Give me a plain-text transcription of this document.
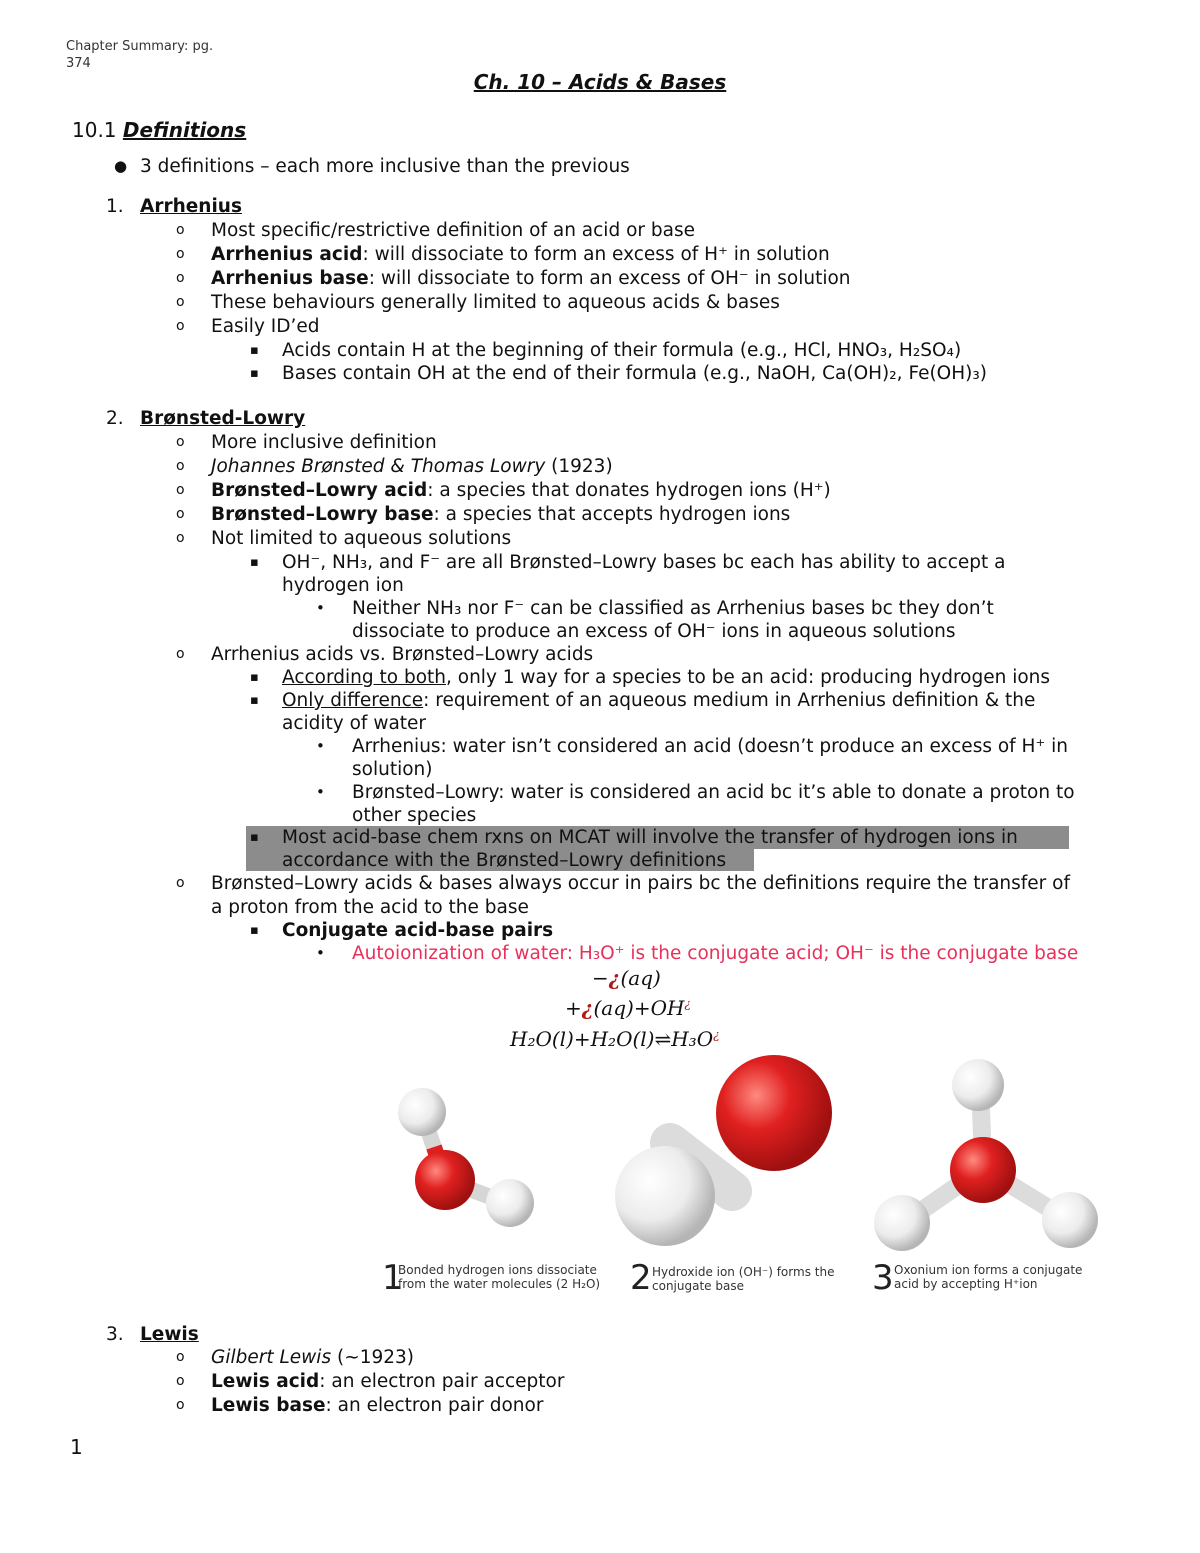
Chapter Summary: pg.
374
Ch. 10 – Acids & Bases
10.1 Definitions
● 3 definitions – each more inclusive than the previous
1. Arrhenius
o Most specific/restrictive definition of an acid or base
o Arrhenius acid: will dissociate to form an excess of H⁺ in solution
o Arrhenius base: will dissociate to form an excess of OH⁻ in solution
o These behaviours generally limited to aqueous acids & bases
o Easily ID’ed
▪ Acids contain H at the beginning of their formula (e.g., HCl, HNO₃, H₂SO₄)
▪ Bases contain OH at the end of their formula (e.g., NaOH, Ca(OH)₂, Fe(OH)₃)
2. Brønsted-Lowry
o More inclusive definition
o Johannes Brønsted & Thomas Lowry (1923)
o Brønsted–Lowry acid: a species that donates hydrogen ions (H⁺)
o Brønsted–Lowry base: a species that accepts hydrogen ions
o Not limited to aqueous solutions
▪ OH⁻, NH₃, and F⁻ are all Brønsted–Lowry bases bc each has ability to accept a
hydrogen ion
• Neither NH₃ nor F⁻ can be classified as Arrhenius bases bc they don’t
dissociate to produce an excess of OH⁻ ions in aqueous solutions
o Arrhenius acids vs. Brønsted–Lowry acids
▪ According to both, only 1 way for a species to be an acid: producing hydrogen ions
▪ Only difference: requirement of an aqueous medium in Arrhenius definition & the
acidity of water
• Arrhenius: water isn’t considered an acid (doesn’t produce an excess of H⁺ in
solution)
• Brønsted–Lowry: water is considered an acid bc it’s able to donate a proton to
other species
▪ Most acid-base chem rxns on MCAT will involve the transfer of hydrogen ions in
accordance with the Brønsted–Lowry definitions
o Brønsted–Lowry acids & bases always occur in pairs bc the definitions require the transfer of
a proton from the acid to the base
▪ Conjugate acid-base pairs
• Autoionization of water: H₃O⁺ is the conjugate acid; OH⁻ is the conjugate base
−¿(aq)
+¿(aq)+OH¿
H₂O(l)+H₂O(l)⇌H₃O¿
1
Bonded hydrogen ions dissociate
from the water molecules (2 H₂O) 2 Hydroxide ion (OH⁻) forms the
conjugate base	3 Oxonium ion forms a conjugate
acid by accepting H⁺ion
3. Lewis
o Gilbert Lewis (~1923)
o Lewis acid: an electron pair acceptor
o Lewis base: an electron pair donor
1
